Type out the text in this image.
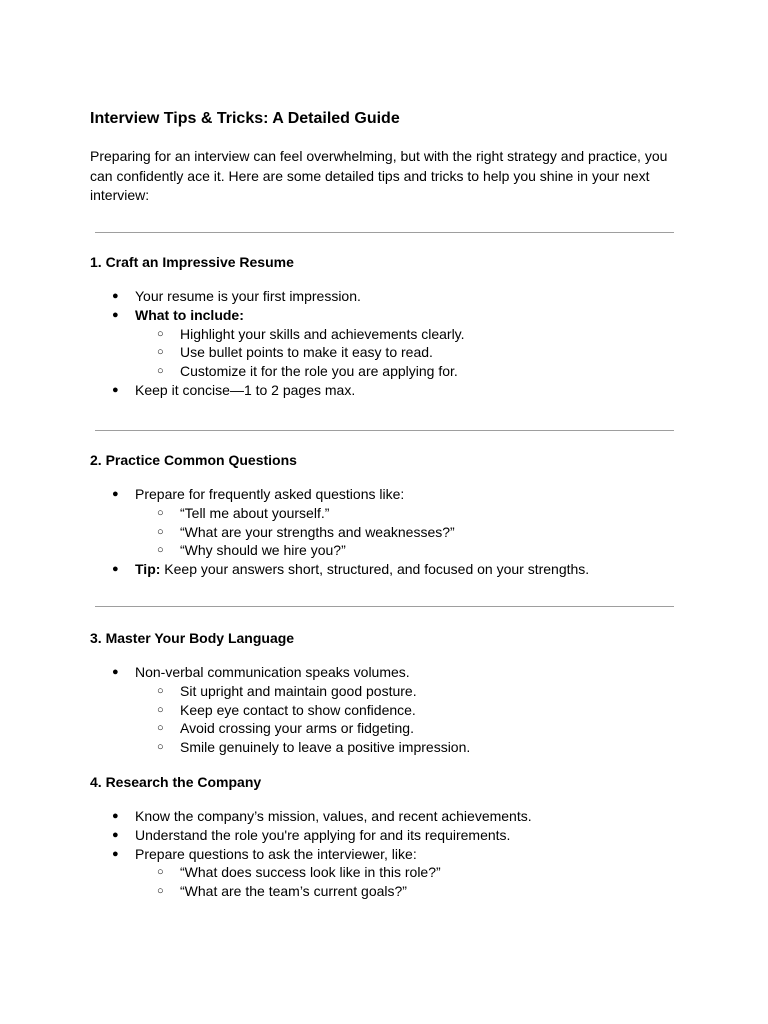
Interview Tips & Tricks: A Detailed Guide

Preparing for an interview can feel overwhelming, but with the right strategy and practice, you can confidently ace it. Here are some detailed tips and tricks to help you shine in your next interview:

1. Craft an Impressive Resume
● Your resume is your first impression.
● What to include:
○ Highlight your skills and achievements clearly.
○ Use bullet points to make it easy to read.
○ Customize it for the role you are applying for.
● Keep it concise—1 to 2 pages max.
2. Practice Common Questions
● Prepare for frequently asked questions like:
○ “Tell me about yourself.”
○ “What are your strengths and weaknesses?”
○ “Why should we hire you?”
● Tip: Keep your answers short, structured, and focused on your strengths.
3. Master Your Body Language
● Non-verbal communication speaks volumes.
○ Sit upright and maintain good posture.
○ Keep eye contact to show confidence.
○ Avoid crossing your arms or fidgeting.
○ Smile genuinely to leave a positive impression.
4. Research the Company
● Know the company’s mission, values, and recent achievements.
● Understand the role you're applying for and its requirements.
● Prepare questions to ask the interviewer, like:
○ “What does success look like in this role?”
○ “What are the team’s current goals?”
